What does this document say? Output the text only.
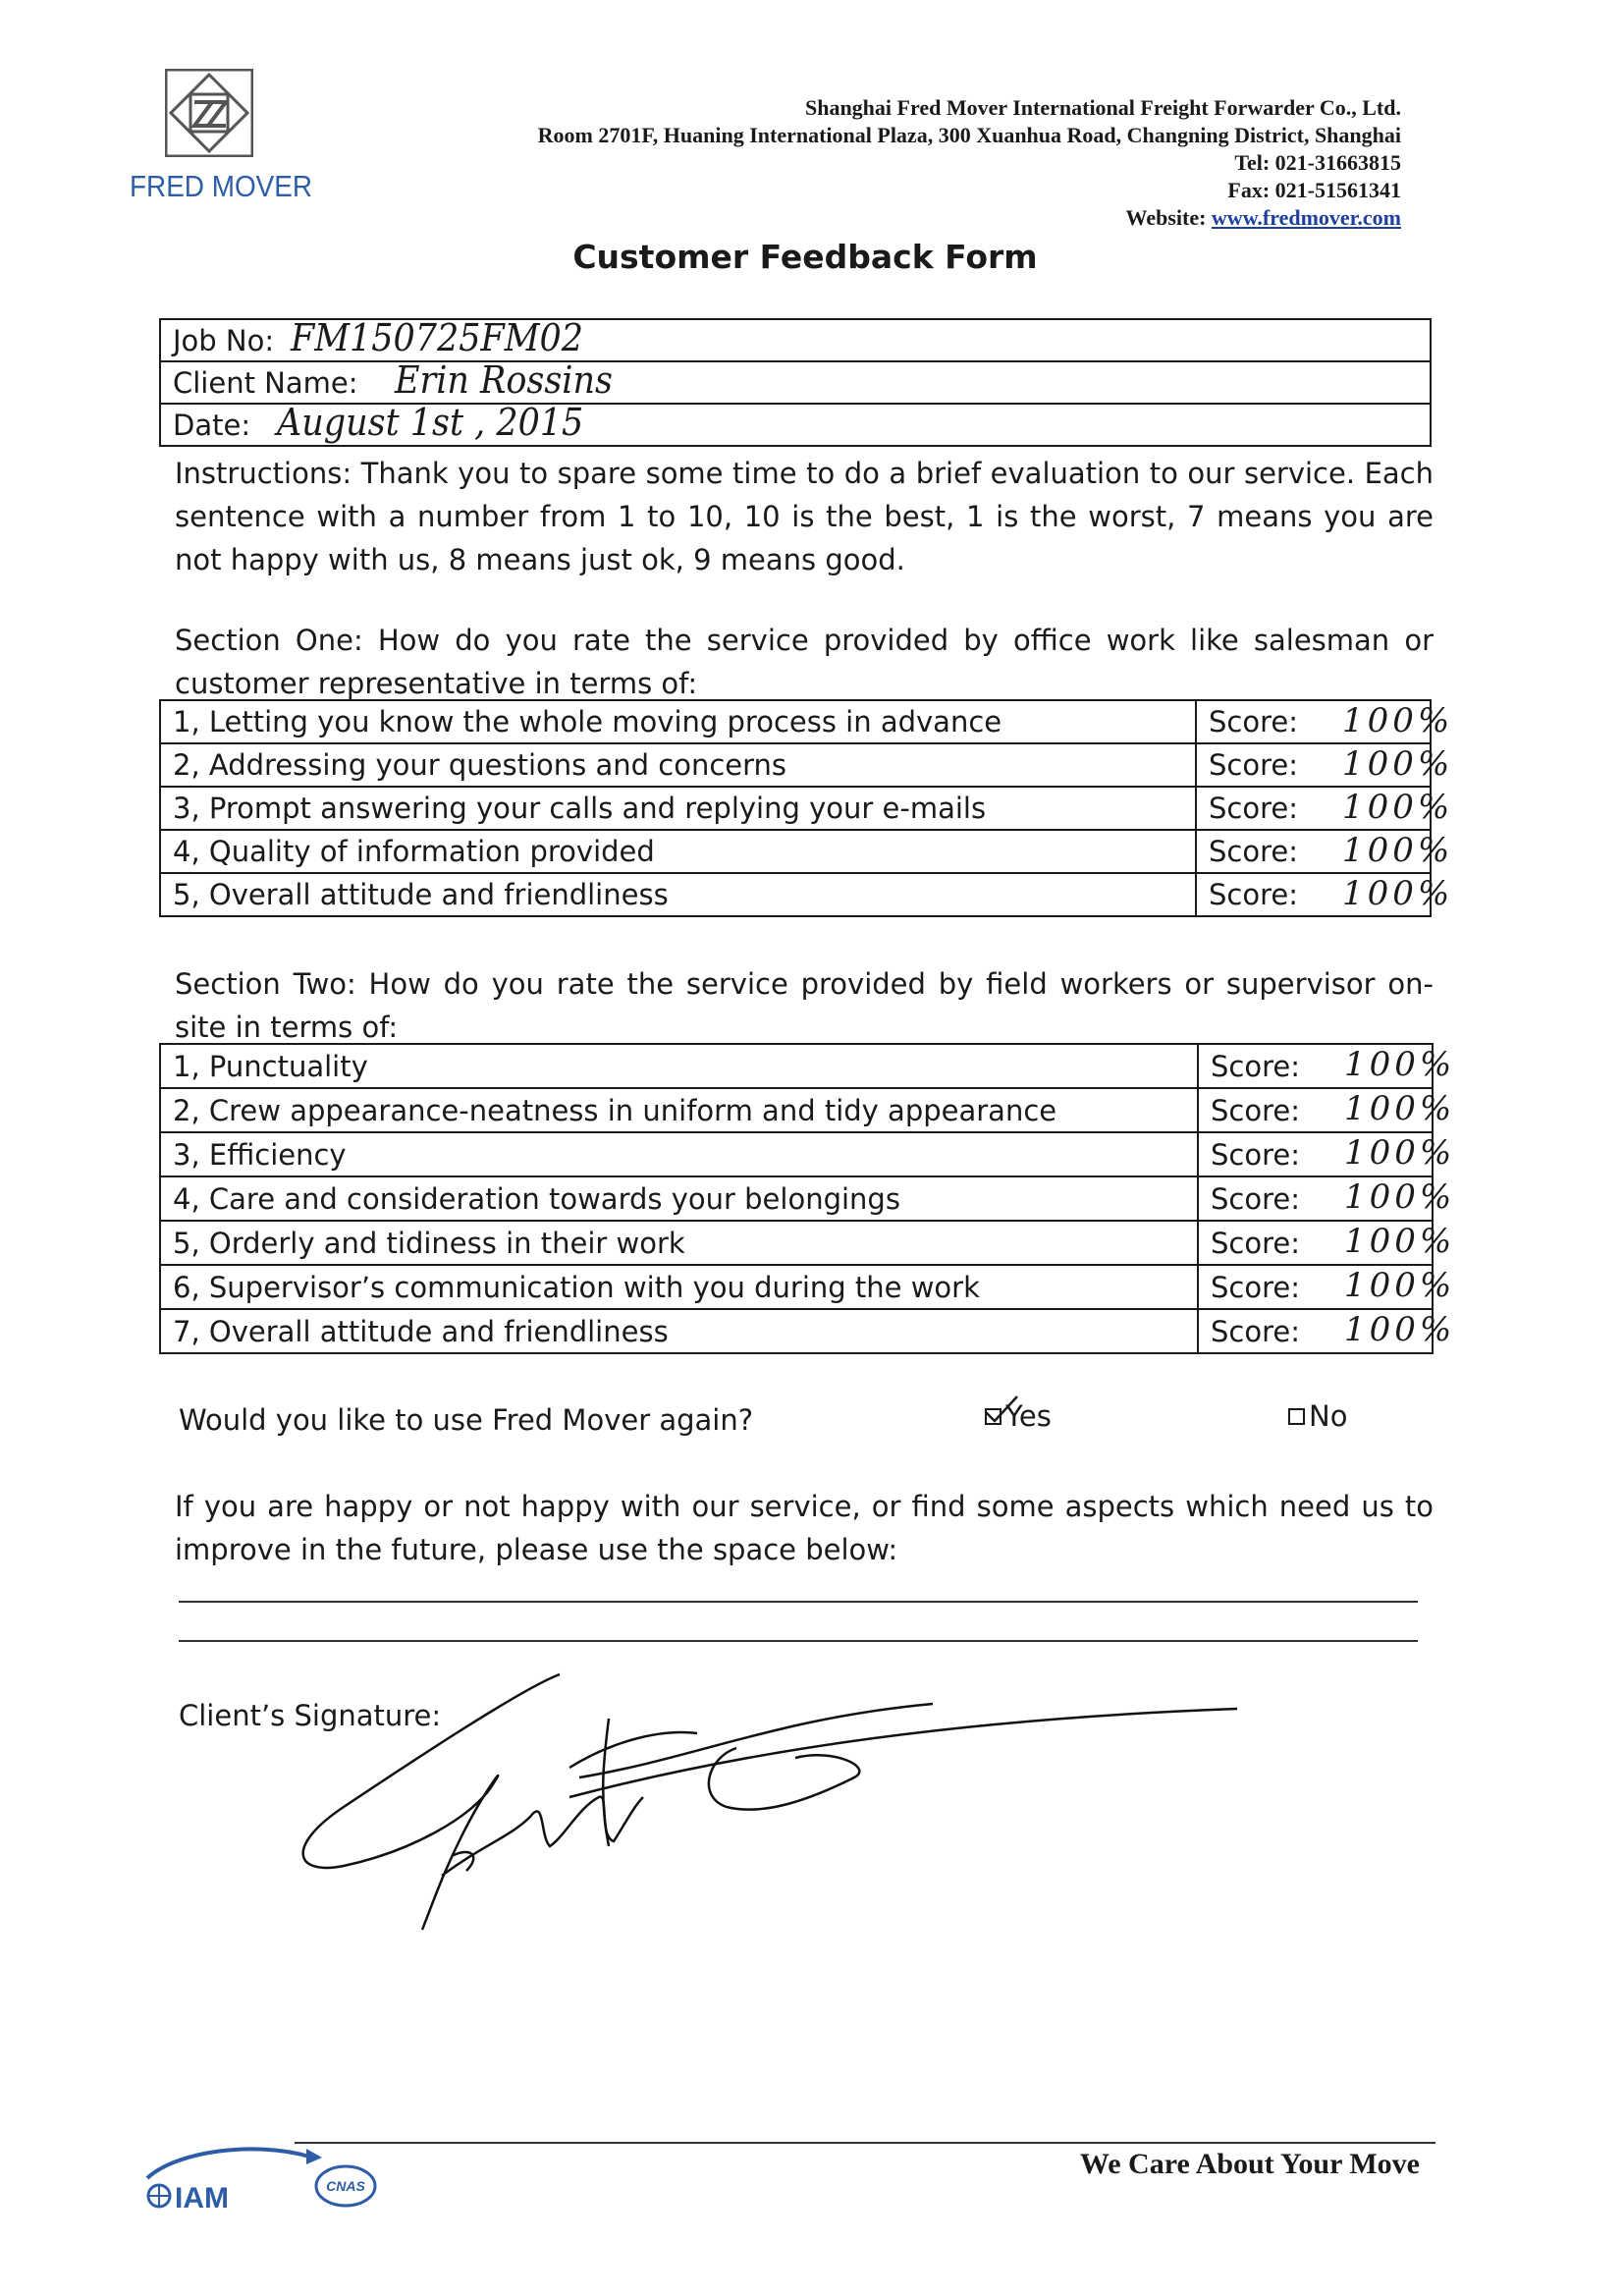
FRED MOVER
Shanghai Fred Mover International Freight Forwarder Co., Ltd.
Room 2701F, Huaning International Plaza, 300 Xuanhua Road, Changning District, Shanghai
Tel: 021-31663815
Fax: 021-51561341
Website: www.fredmover.com
Customer Feedback Form
Job No: FM150725FM02

Client Name: Erin Rossins

Date: August 1st , 2015
Instructions: Thank you to spare some time to do a brief evaluation to our service. Each sentence with a number from 1 to 10, 10 is the best, 1 is the worst, 7 means you are not happy with us, 8 means just ok, 9 means good.
Section One: How do you rate the service provided by office work like salesman or customer representative in terms of:
1, Letting you know the whole moving process in advance	Score: 100%

2, Addressing your questions and concerns	Score: 100%

3, Prompt answering your calls and replying your e-mails	Score: 100%

4, Quality of information provided	Score: 100%

5, Overall attitude and friendliness	Score: 100%
Section Two: How do you rate the service provided by field workers or supervisor on-site in terms of:
1, Punctuality	Score: 100%

2, Crew appearance-neatness in uniform and tidy appearance	Score: 100%

3, Efficiency	Score: 100%

4, Care and consideration towards your belongings	Score: 100%

5, Orderly and tidiness in their work	Score: 100%

6, Supervisor’s communication with you during the work	Score: 100%

7, Overall attitude and friendliness	Score: 100%
Would you like to use Fred Mover again?	Yes	No
If you are happy or not happy with our service, or find some aspects which need us to improve in the future, please use the space below:
Client’s Signature:
IAM	CNAS
We Care About Your Move
